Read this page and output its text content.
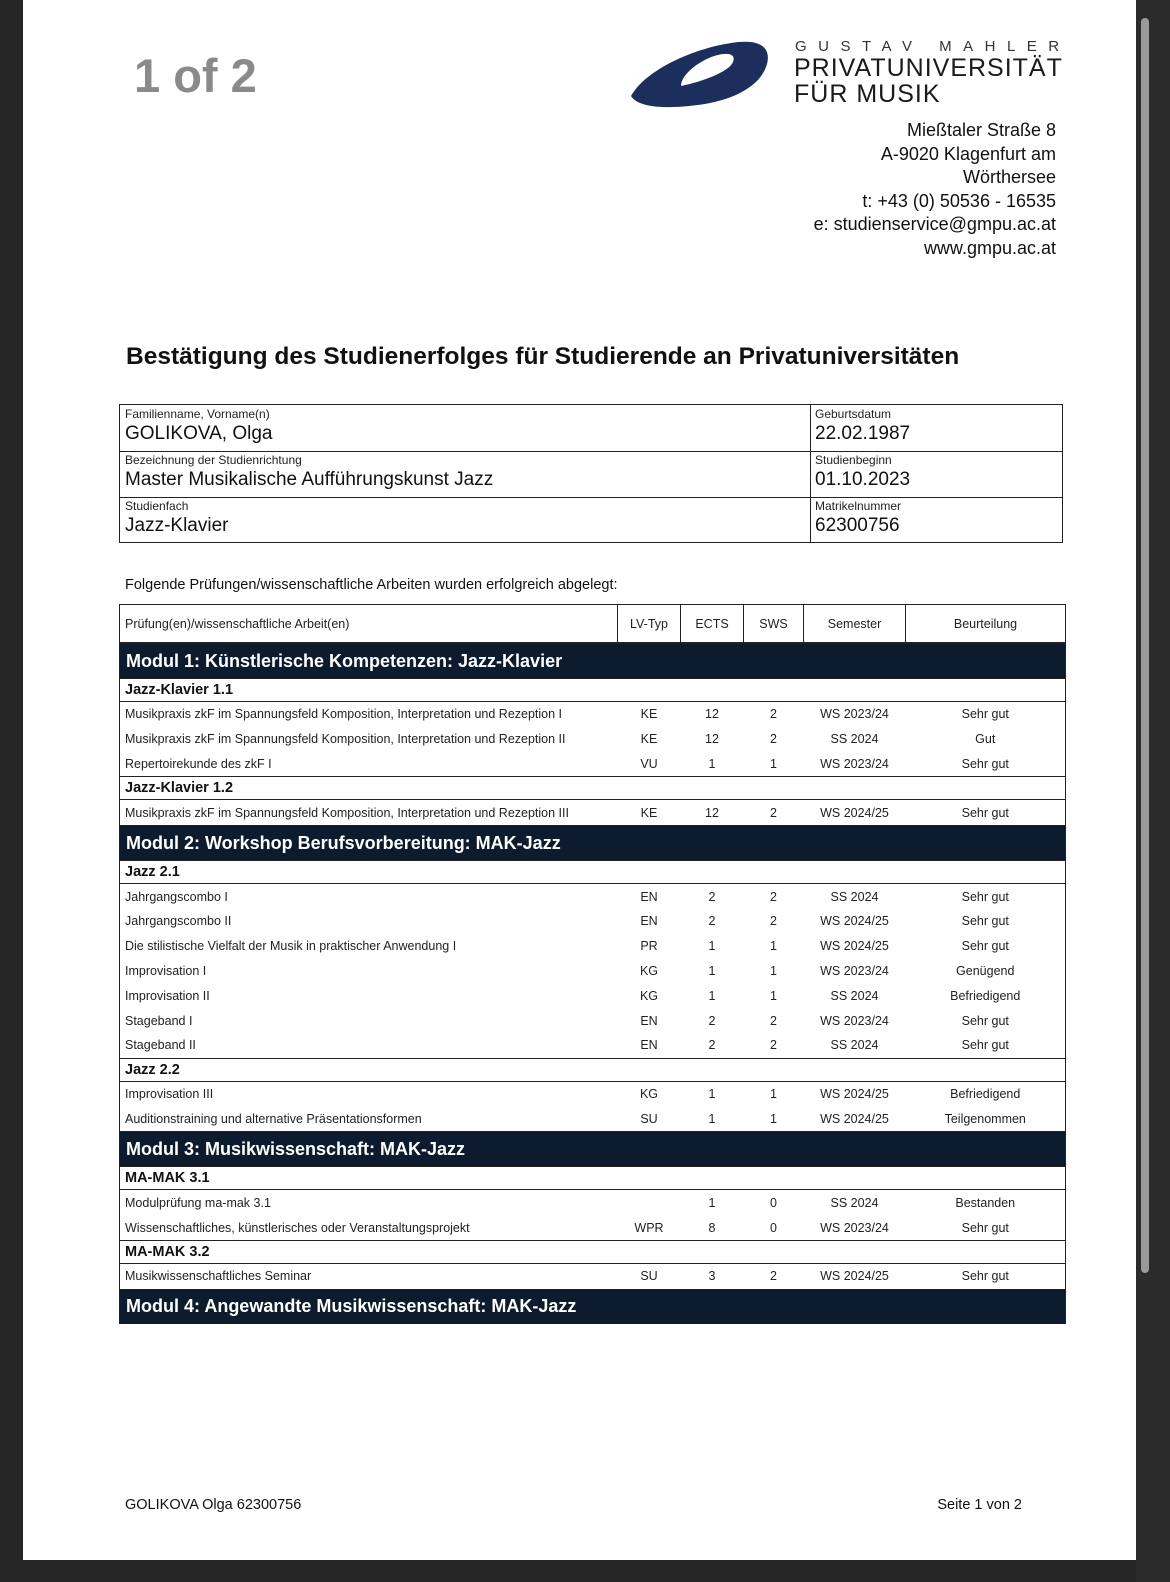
1 of 2
GUSTAV MAHLER
PRIVATUNIVERSITÄT
FÜR MUSIK
Mießtaler Straße 8
A-9020 Klagenfurt am
Wörthersee
t: +43 (0) 50536 - 16535
e: studienservice@gmpu.ac.at
www.gmpu.ac.at
Bestätigung des Studienerfolges für Studierende an Privatuniversitäten
Familienname, Vorname(n)
GOLIKOVA, Olga
Geburtsdatum
22.02.1987
Bezeichnung der Studienrichtung
Master Musikalische Aufführungskunst Jazz
Studienbeginn
01.10.2023
Studienfach
Jazz-Klavier
Matrikelnummer
62300756
Folgende Prüfungen/wissenschaftliche Arbeiten wurden erfolgreich abgelegt:
Prüfung(en)/wissenschaftliche Arbeit(en)	LV-Typ	ECTS	SWS	Semester	Beurteilung
Modul 1: Künstlerische Kompetenzen: Jazz-Klavier					
Jazz-Klavier 1.1					
Musikpraxis zkF im Spannungsfeld Komposition, Interpretation und Rezeption I	KE	12	2	WS 2023/24	Sehr gut
Musikpraxis zkF im Spannungsfeld Komposition, Interpretation und Rezeption II	KE	12	2	SS 2024	Gut
Repertoirekunde des zkF I	VU	1	1	WS 2023/24	Sehr gut
Jazz-Klavier 1.2					
Musikpraxis zkF im Spannungsfeld Komposition, Interpretation und Rezeption III	KE	12	2	WS 2024/25	Sehr gut
Modul 2: Workshop Berufsvorbereitung: MAK-Jazz					
Jazz 2.1					
Jahrgangscombo I	EN	2	2	SS 2024	Sehr gut
Jahrgangscombo II	EN	2	2	WS 2024/25	Sehr gut
Die stilistische Vielfalt der Musik in praktischer Anwendung I	PR	1	1	WS 2024/25	Sehr gut
Improvisation I	KG	1	1	WS 2023/24	Genügend
Improvisation II	KG	1	1	SS 2024	Befriedigend
Stageband I	EN	2	2	WS 2023/24	Sehr gut
Stageband II	EN	2	2	SS 2024	Sehr gut
Jazz 2.2					
Improvisation III	KG	1	1	WS 2024/25	Befriedigend
Auditionstraining und alternative Präsentationsformen	SU	1	1	WS 2024/25	Teilgenommen
Modul 3: Musikwissenschaft: MAK-Jazz					
MA-MAK 3.1					
Modulprüfung ma-mak 3.1		1	0	SS 2024	Bestanden
Wissenschaftliches, künstlerisches oder Veranstaltungsprojekt	WPR	8	0	WS 2023/24	Sehr gut
MA-MAK 3.2					
Musikwissenschaftliches Seminar	SU	3	2	WS 2024/25	Sehr gut
Modul 4: Angewandte Musikwissenschaft: MAK-Jazz					
GOLIKOVA Olga 62300756	Seite 1 von 2
